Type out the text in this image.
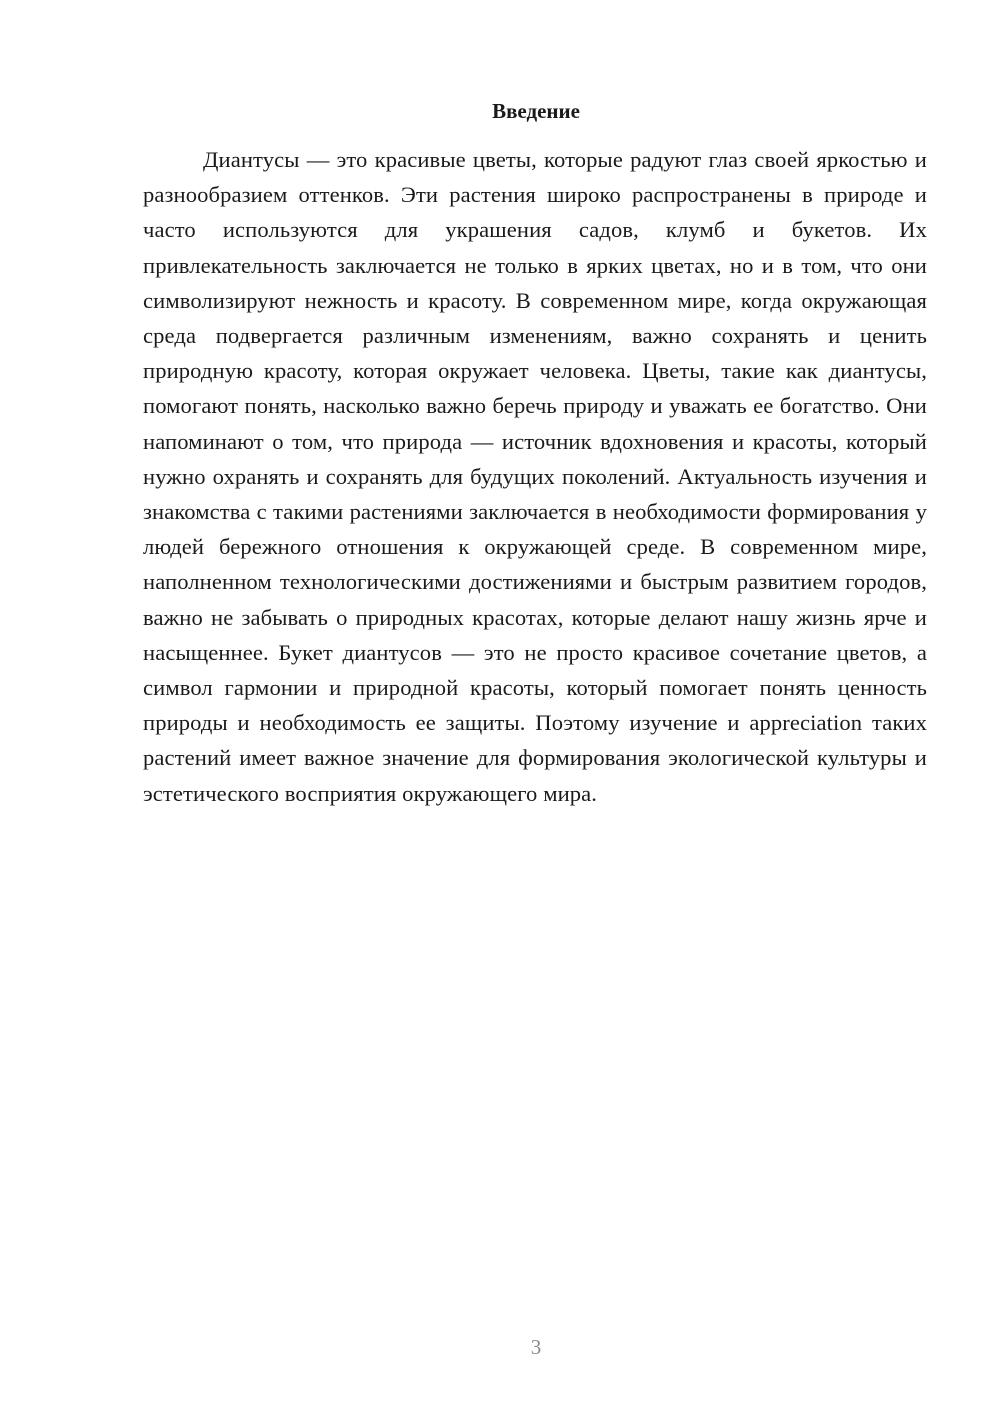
Введение

Диантусы — это красивые цветы, которые радуют глаз своей яркостью и разнообразием оттенков. Эти растения широко распространены в природе и часто используются для украшения садов, клумб и букетов. Их привлекательность заключается не только в ярких цветах, но и в том, что они символизируют нежность и красоту. В современном мире, когда окружающая среда подвергается различным изменениям, важно сохранять и ценить природную красоту, которая окружает человека. Цветы, такие как диантусы, помогают понять, насколько важно беречь природу и уважать ее богатство. Они напоминают о том, что природа — источник вдохновения и красоты, который нужно охранять и сохранять для будущих поколений. Актуальность изучения и знакомства с такими растениями заключается в необходимости формирования у людей бережного отношения к окружающей среде. В современном мире, наполненном технологическими достижениями и быстрым развитием городов, важно не забывать о природных красотах, которые делают нашу жизнь ярче и насыщеннее. Букет диантусов — это не просто красивое сочетание цветов, а символ гармонии и природной красоты, который помогает понять ценность природы и необходимость ее защиты. Поэтому изучение и appreciation таких растений имеет важное значение для формирования экологической культуры и эстетического восприятия окружающего мира.

3
